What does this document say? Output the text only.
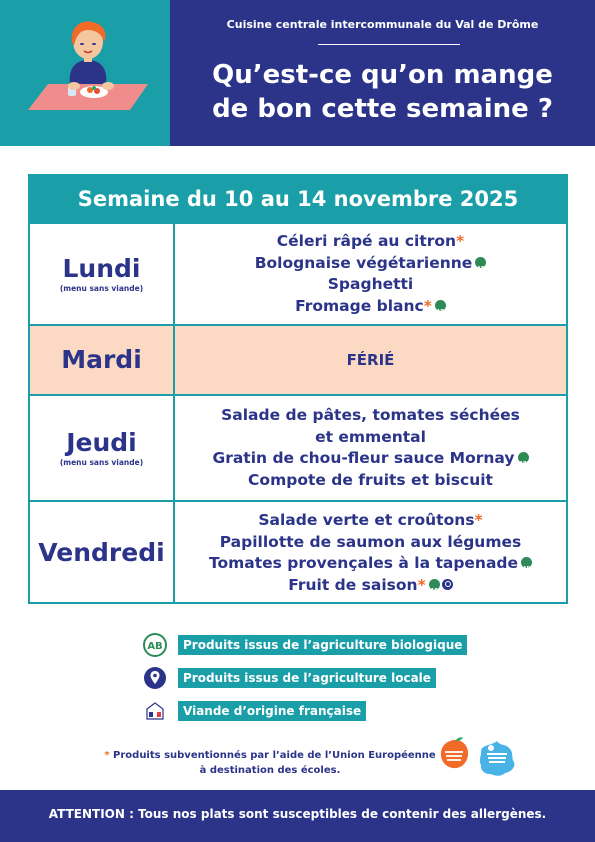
Cuisine centrale intercommunale du Val de Drôme
Qu’est-ce qu’on mange
de bon cette semaine ?
Semaine du 10 au 14 novembre 2025
Lundi
(menu sans viande)
Céleri râpé au citron*
Bolognaise végétarienneAB
Spaghetti
Fromage blanc*AB
Mardi	FÉRIÉ
Jeudi
(menu sans viande)
Salade de pâtes, tomates séchées
et emmental
Gratin de chou-fleur sauce MornayAB
Compote de fruits et biscuit
Vendredi
Salade verte et croûtons*
Papillotte de saumon aux légumes
Tomates provençales à la tapenadeAB
Fruit de saison*AB
AB	Produits issus de l’agriculture biologique
Produits issus de l’agriculture locale
Viande d’origine française
* Produits subventionnés par l’aide de l’Union Européenne
à destination des écoles.
ATTENTION : Tous nos plats sont susceptibles de contenir des allergènes.
